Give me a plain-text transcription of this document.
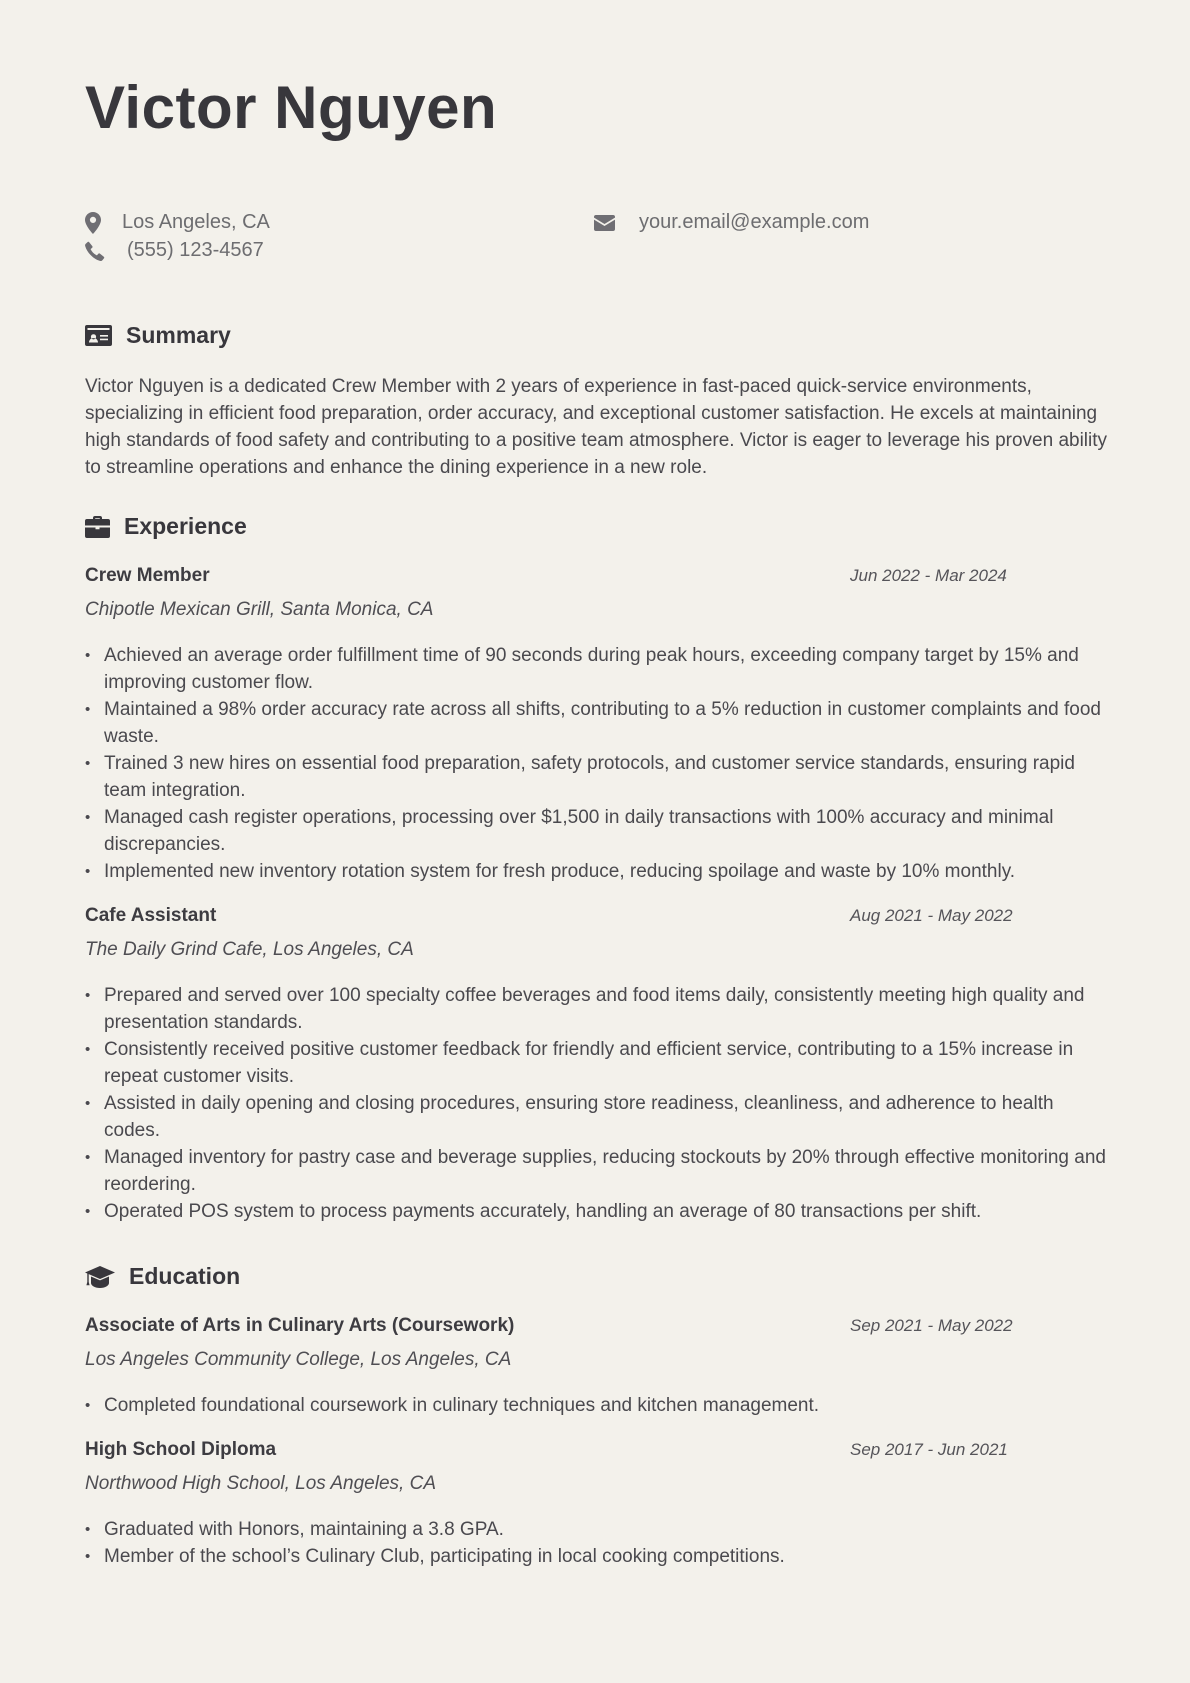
Victor Nguyen
Los Angeles, CA
(555) 123-4567
your.email@example.com
Summary

Victor Nguyen is a dedicated Crew Member with 2 years of experience in fast-paced quick-service environments, specializing in efficient food preparation, order accuracy, and exceptional customer satisfaction. He excels at maintaining high standards of food safety and contributing to a positive team atmosphere. Victor is eager to leverage his proven ability to streamline operations and enhance the dining experience in a new role.

Experience
Crew Member	Jun 2022 - Mar 2024
Chipotle Mexican Grill, Santa Monica, CA
• Achieved an average order fulfillment time of 90 seconds during peak hours, exceeding company target by 15% and improving customer flow.
• Maintained a 98% order accuracy rate across all shifts, contributing to a 5% reduction in customer complaints and food waste.
• Trained 3 new hires on essential food preparation, safety protocols, and customer service standards, ensuring rapid team integration.
• Managed cash register operations, processing over $1,500 in daily transactions with 100% accuracy and minimal discrepancies.
• Implemented new inventory rotation system for fresh produce, reducing spoilage and waste by 10% monthly.
Cafe Assistant	Aug 2021 - May 2022
The Daily Grind Cafe, Los Angeles, CA
• Prepared and served over 100 specialty coffee beverages and food items daily, consistently meeting high quality and presentation standards.
• Consistently received positive customer feedback for friendly and efficient service, contributing to a 15% increase in repeat customer visits.
• Assisted in daily opening and closing procedures, ensuring store readiness, cleanliness, and adherence to health codes.
• Managed inventory for pastry case and beverage supplies, reducing stockouts by 20% through effective monitoring and reordering.
• Operated POS system to process payments accurately, handling an average of 80 transactions per shift.
Education
Associate of Arts in Culinary Arts (Coursework)	Sep 2021 - May 2022
Los Angeles Community College, Los Angeles, CA
• Completed foundational coursework in culinary techniques and kitchen management.
High School Diploma	Sep 2017 - Jun 2021
Northwood High School, Los Angeles, CA
• Graduated with Honors, maintaining a 3.8 GPA.
• Member of the school’s Culinary Club, participating in local cooking competitions.
